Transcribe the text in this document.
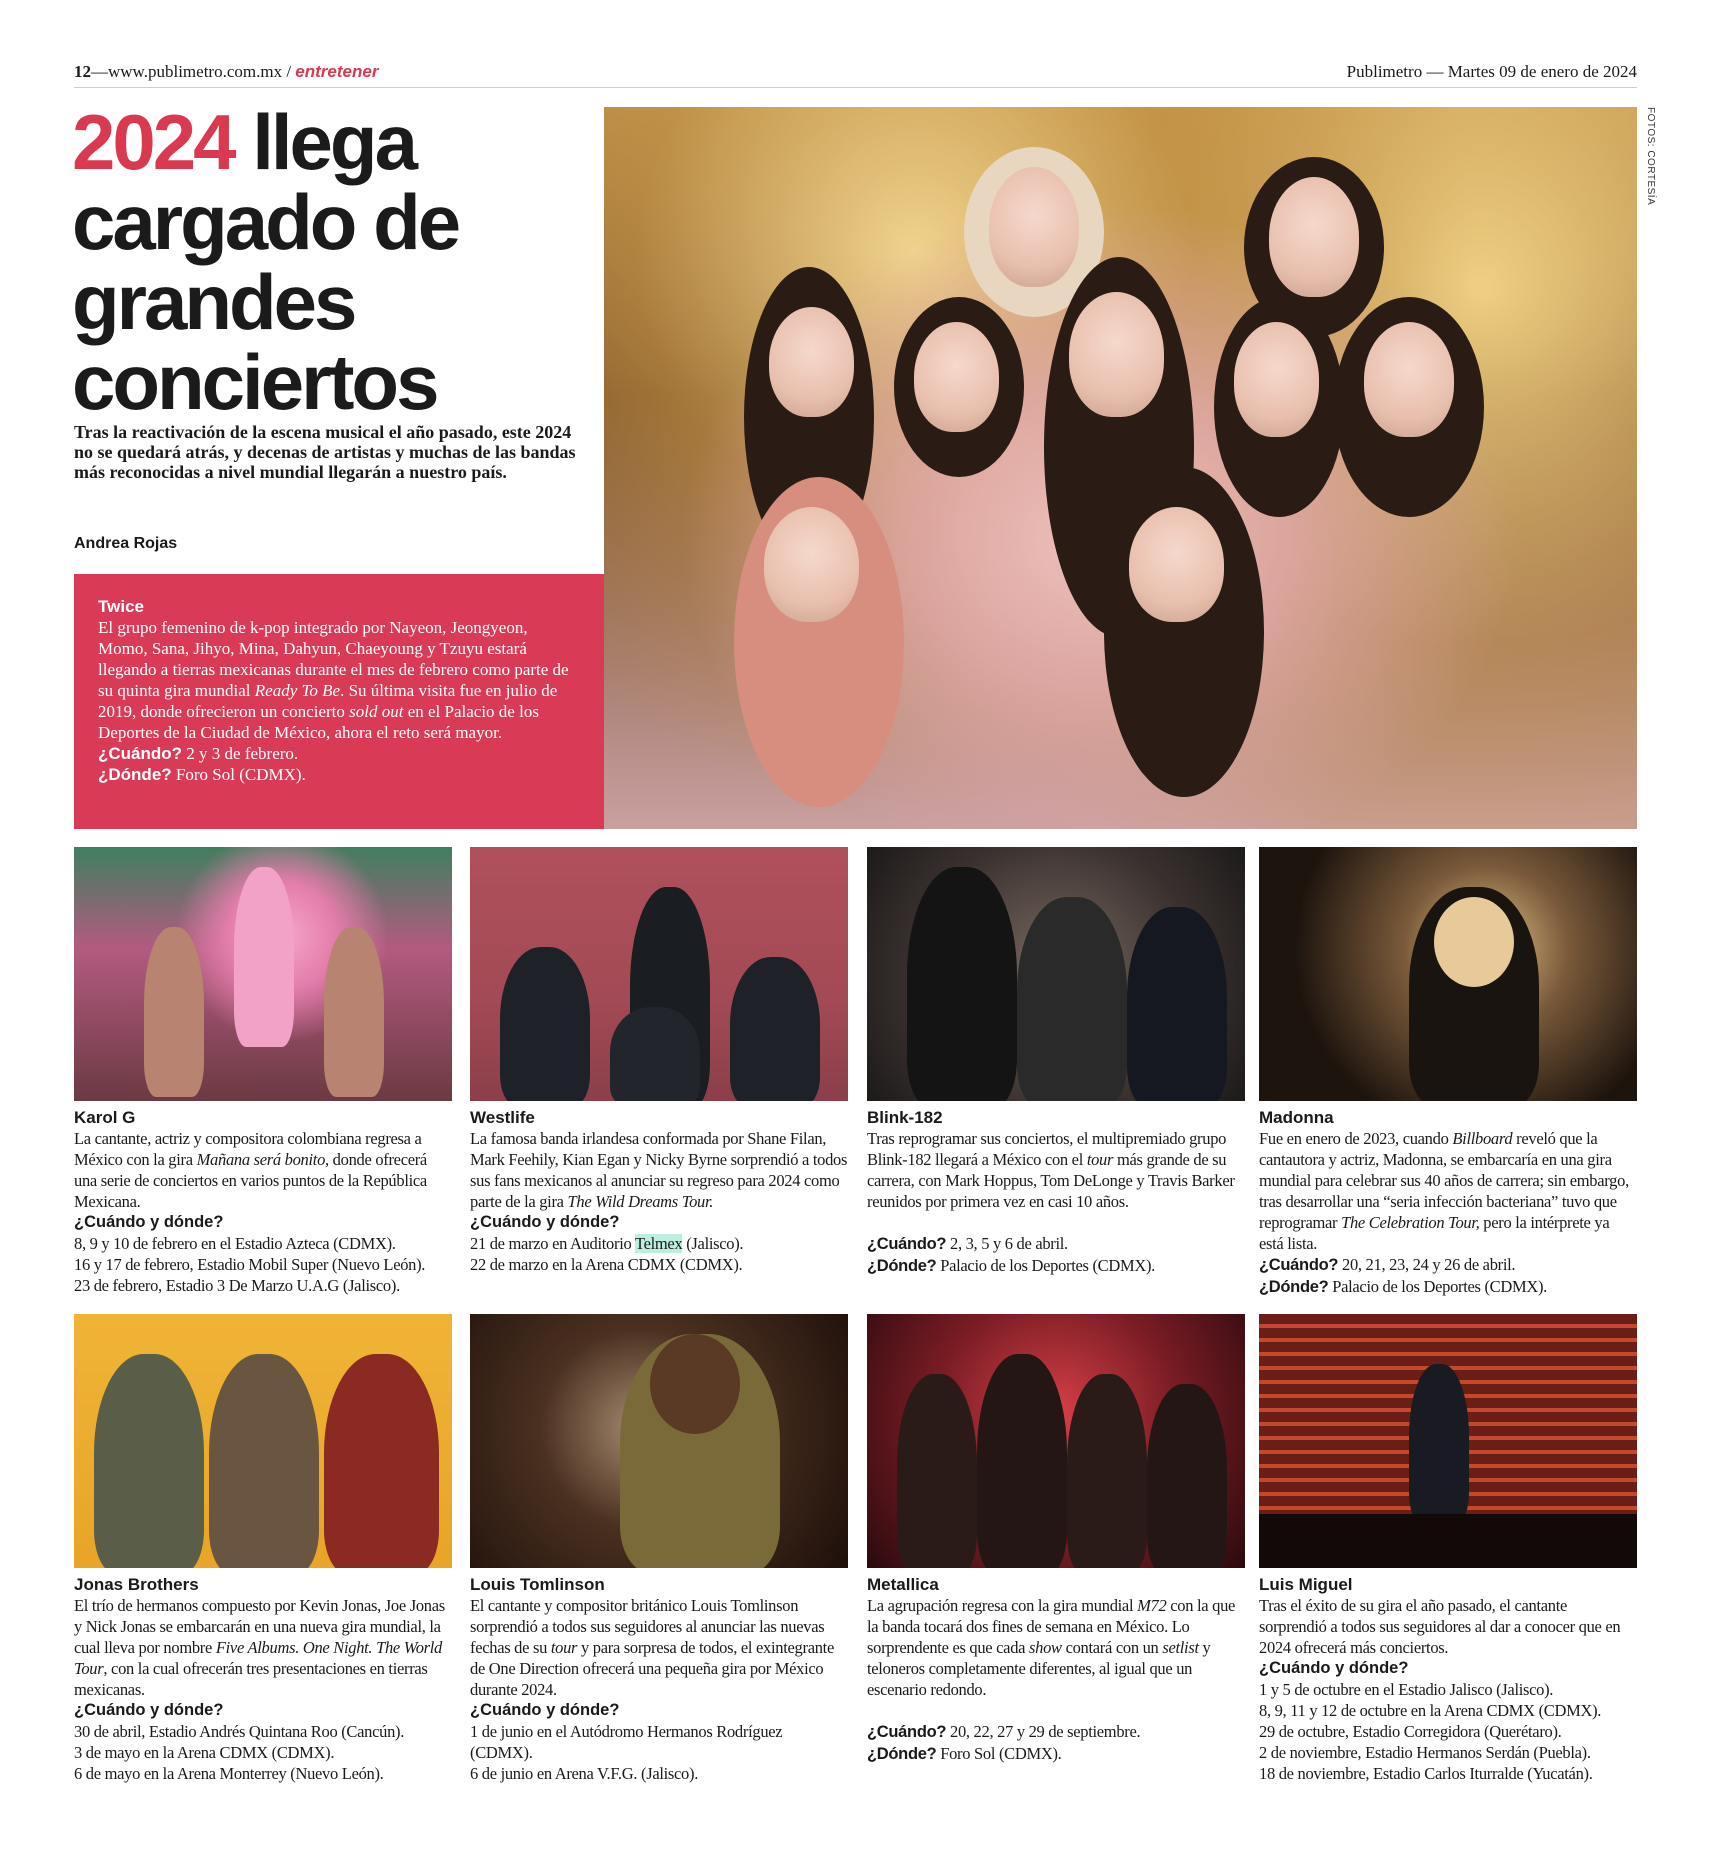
12—www.publimetro.com.mx / entretener	Publimetro — Martes 09 de enero de 2024
2024 llega cargado de grandes conciertos

Tras la reactivación de la escena musical el año pasado, este 2024 no se quedará atrás, y decenas de artistas y muchas de las bandas más reconocidas a nivel mundial llegarán a nuestro país.

Andrea Rojas
Twice
El grupo femenino de k-pop integrado por Nayeon, Jeongyeon, Momo, Sana, Jihyo, Mina, Dahyun, Chaeyoung y Tzuyu estará llegando a tierras mexicanas durante el mes de febrero como parte de su quinta gira mundial Ready To Be. Su última visita fue en julio de 2019, donde ofrecieron un concierto sold out en el Palacio de los Deportes de la Ciudad de México, ahora el reto será mayor.
¿Cuándo? 2 y 3 de febrero.
¿Dónde? Foro Sol (CDMX).
FOTOS: CORTESÍA
Karol G
La cantante, actriz y compositora colombiana regresa a México con la gira Mañana será bonito, donde ofrecerá una serie de conciertos en varios puntos de la República Mexicana.
¿Cuándo y dónde?
8, 9 y 10 de febrero en el Estadio Azteca (CDMX).
16 y 17 de febrero, Estadio Mobil Super (Nuevo León).
23 de febrero, Estadio 3 De Marzo U.A.G (Jalisco).
Westlife
La famosa banda irlandesa conformada por Shane Filan, Mark Feehily, Kian Egan y Nicky Byrne sorprendió a todos sus fans mexicanos al anunciar su regreso para 2024 como parte de la gira The Wild Dreams Tour.
¿Cuándo y dónde?
21 de marzo en Auditorio Telmex (Jalisco).
22 de marzo en la Arena CDMX (CDMX).
Blink-182
Tras reprogramar sus conciertos, el multipremiado grupo Blink-182 llegará a México con el tour más grande de su carrera, con Mark Hoppus, Tom DeLonge y Travis Barker reunidos por primera vez en casi 10 años.
¿Cuándo? 2, 3, 5 y 6 de abril.
¿Dónde? Palacio de los Deportes (CDMX).
Madonna
Fue en enero de 2023, cuando Billboard reveló que la cantautora y actriz, Madonna, se embarcaría en una gira mundial para celebrar sus 40 años de carrera; sin embargo, tras desarrollar una “seria infección bacteriana” tuvo que reprogramar The Celebration Tour, pero la intérprete ya está lista.
¿Cuándo? 20, 21, 23, 24 y 26 de abril.
¿Dónde? Palacio de los Deportes (CDMX).
Jonas Brothers
El trío de hermanos compuesto por Kevin Jonas, Joe Jonas y Nick Jonas se embarcarán en una nueva gira mundial, la cual lleva por nombre Five Albums. One Night. The World Tour, con la cual ofrecerán tres presentaciones en tierras mexicanas.
¿Cuándo y dónde?
30 de abril, Estadio Andrés Quintana Roo (Cancún).
3 de mayo en la Arena CDMX (CDMX).
6 de mayo en la Arena Monterrey (Nuevo León).
Louis Tomlinson
El cantante y compositor británico Louis Tomlinson sorprendió a todos sus seguidores al anunciar las nuevas fechas de su tour y para sorpresa de todos, el exintegrante de One Direction ofrecerá una pequeña gira por México durante 2024.
¿Cuándo y dónde?
1 de junio en el Autódromo Hermanos Rodríguez (CDMX).
6 de junio en Arena V.F.G. (Jalisco).
Metallica
La agrupación regresa con la gira mundial M72 con la que la banda tocará dos fines de semana en México. Lo sorprendente es que cada show contará con un setlist y teloneros completamente diferentes, al igual que un escenario redondo.
¿Cuándo? 20, 22, 27 y 29 de septiembre.
¿Dónde? Foro Sol (CDMX).
Luis Miguel
Tras el éxito de su gira el año pasado, el cantante sorprendió a todos sus seguidores al dar a conocer que en 2024 ofrecerá más conciertos.
¿Cuándo y dónde?
1 y 5 de octubre en el Estadio Jalisco (Jalisco).
8, 9, 11 y 12 de octubre en la Arena CDMX (CDMX).
29 de octubre, Estadio Corregidora (Querétaro).
2 de noviembre, Estadio Hermanos Serdán (Puebla).
18 de noviembre, Estadio Carlos Iturralde (Yucatán).
